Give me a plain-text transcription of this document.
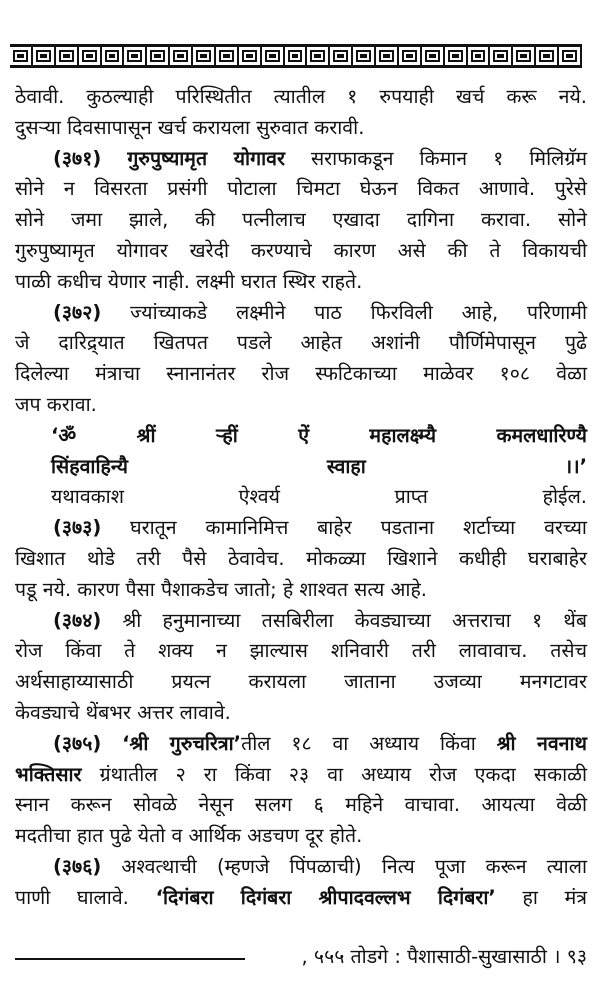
ठेवावी. कुठल्याही परिस्थितीत त्यातील १ रुपयाही खर्च करू नये.

दुसऱ्या दिवसापासून खर्च करायला सुरुवात करावी.

(३७१) गुरुपुष्यामृत योगावर सराफाकडून किमान १ मिलिग्रॅम

सोने न विसरता प्रसंगी पोटाला चिमटा घेऊन विकत आणावे. पुरेसे

सोने जमा झाले, की पत्नीलाच एखादा दागिना करावा. सोने

गुरुपुष्यामृत योगावर खरेदी करण्याचे कारण असे की ते विकायची

पाळी कधीच येणार नाही. लक्ष्मी घरात स्थिर राहते.

(३७२) ज्यांच्याकडे लक्ष्मीने पाठ फिरविली आहे, परिणामी

जे दारिद्र्यात खितपत पडले आहेत अशांनी पौर्णिमेपासून पुढे

दिलेल्या मंत्राचा स्नानानंतर रोज स्फटिकाच्या माळेवर १०८ वेळा

जप करावा.

‘ॐ श्रीं ऱ्हीं ऐं महालक्ष्म्यै कमलधारिण्यै

सिंहवाहिन्यै स्वाहा ।।’

यथावकाश ऐश्वर्य प्राप्त होईल.

(३७३) घरातून कामानिमित्त बाहेर पडताना शर्टाच्या वरच्या

खिशात थोडे तरी पैसे ठेवावेच. मोकळ्या खिशाने कधीही घराबाहेर

पडू नये. कारण पैसा पैशाकडेच जातो; हे शाश्वत सत्य आहे.

(३७४) श्री हनुमानाच्या तसबिरीला केवड्याच्या अत्तराचा १ थेंब

रोज किंवा ते शक्य न झाल्यास शनिवारी तरी लावावाच. तसेच

अर्थसाहाय्यासाठी प्रयत्न करायला जाताना उजव्या मनगटावर

केवड्याचे थेंबभर अत्तर लावावे.

(३७५) ‘श्री गुरुचरित्रा’तील १८ वा अध्याय किंवा श्री नवनाथ

भक्तिसार ग्रंथातील २ रा किंवा २३ वा अध्याय रोज एकदा सकाळी

स्नान करून सोवळे नेसून सलग ६ महिने वाचावा. आयत्या वेळी

मदतीचा हात पुढे येतो व आर्थिक अडचण दूर होते.

(३७६) अश्वत्थाची (म्हणजे पिंपळाची) नित्य पूजा करून त्याला

पाणी घालावे. ‘दिगंबरा दिगंबरा श्रीपादवल्लभ दिगंबरा’ हा मंत्र

, ५५५ तोडगे : पैशासाठी-सुखासाठी । ९३
